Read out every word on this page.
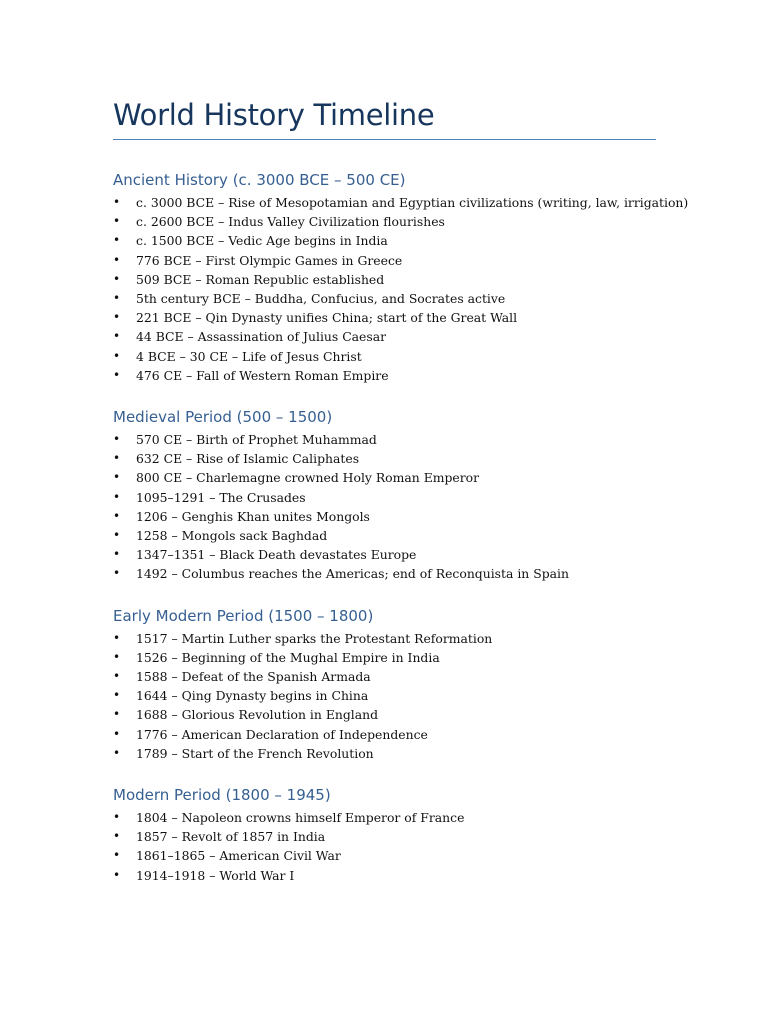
World History Timeline
Ancient History (c. 3000 BCE – 500 CE)
• c. 3000 BCE – Rise of Mesopotamian and Egyptian civilizations (writing, law, irrigation)
• c. 2600 BCE – Indus Valley Civilization flourishes
• c. 1500 BCE – Vedic Age begins in India
• 776 BCE – First Olympic Games in Greece
• 509 BCE – Roman Republic established
• 5th century BCE – Buddha, Confucius, and Socrates active
• 221 BCE – Qin Dynasty unifies China; start of the Great Wall
• 44 BCE – Assassination of Julius Caesar
• 4 BCE – 30 CE – Life of Jesus Christ
• 476 CE – Fall of Western Roman Empire
Medieval Period (500 – 1500)
• 570 CE – Birth of Prophet Muhammad
• 632 CE – Rise of Islamic Caliphates
• 800 CE – Charlemagne crowned Holy Roman Emperor
• 1095–1291 – The Crusades
• 1206 – Genghis Khan unites Mongols
• 1258 – Mongols sack Baghdad
• 1347–1351 – Black Death devastates Europe
• 1492 – Columbus reaches the Americas; end of Reconquista in Spain
Early Modern Period (1500 – 1800)
• 1517 – Martin Luther sparks the Protestant Reformation
• 1526 – Beginning of the Mughal Empire in India
• 1588 – Defeat of the Spanish Armada
• 1644 – Qing Dynasty begins in China
• 1688 – Glorious Revolution in England
• 1776 – American Declaration of Independence
• 1789 – Start of the French Revolution
Modern Period (1800 – 1945)
• 1804 – Napoleon crowns himself Emperor of France
• 1857 – Revolt of 1857 in India
• 1861–1865 – American Civil War
• 1914–1918 – World War I
